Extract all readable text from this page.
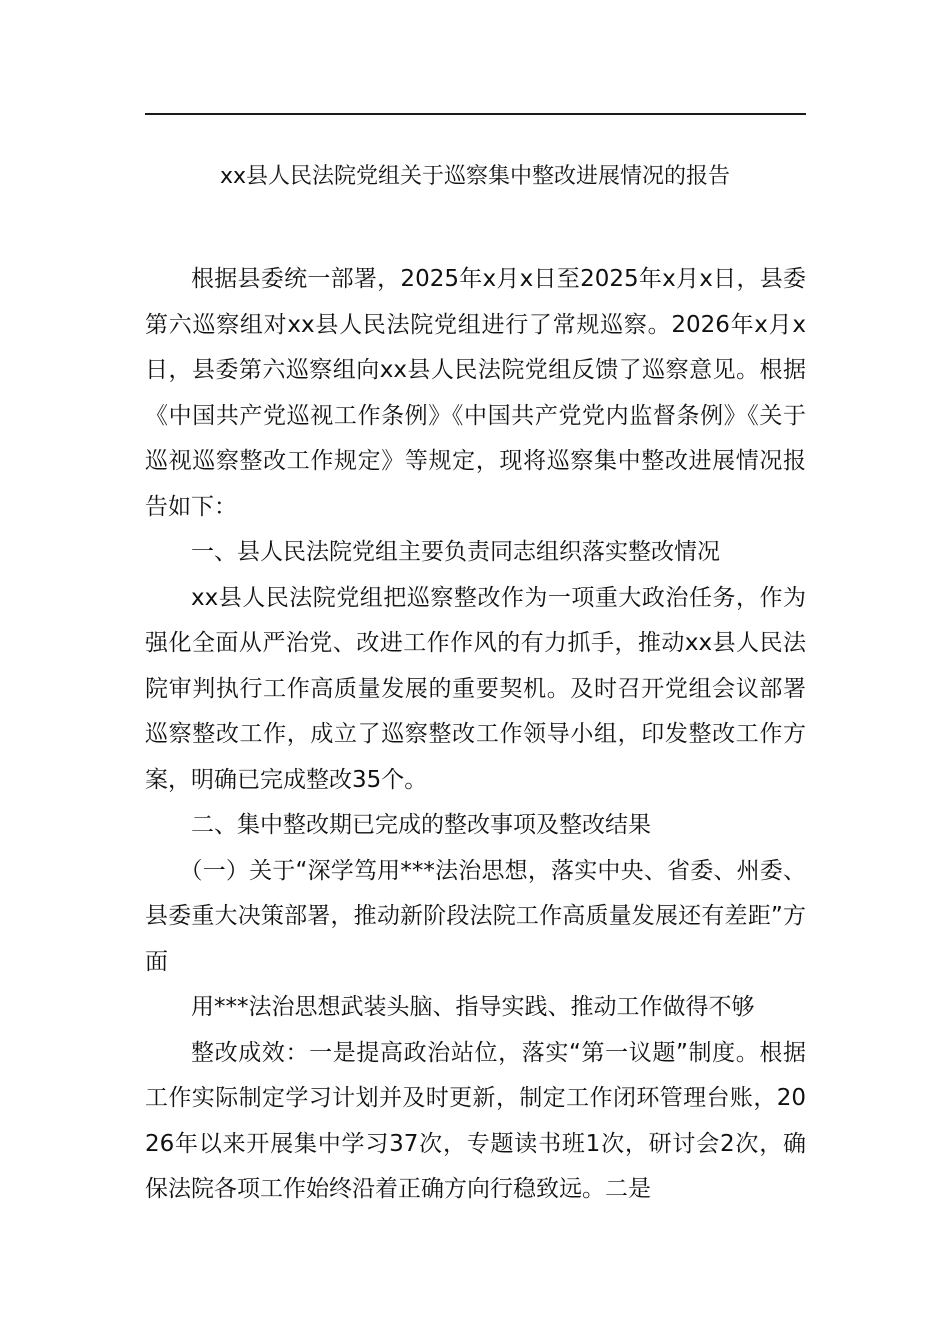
xx县人民法院党组关于巡察集中整改进展情况的报告

根据县委统一部署，2025年x月x日至2025年x月x日，县委第六巡察组对xx县人民法院党组进行了常规巡察。2026年x月x日，县委第六巡察组向xx县人民法院党组反馈了巡察意见。根据《中国共产党巡视工作条例》《中国共产党党内监督条例》《关于巡视巡察整改工作规定》等规定，现将巡察集中整改进展情况报告如下：

一、县人民法院党组主要负责同志组织落实整改情况

xx县人民法院党组把巡察整改作为一项重大政治任务，作为强化全面从严治党、改进工作作风的有力抓手，推动xx县人民法院审判执行工作高质量发展的重要契机。及时召开党组会议部署巡察整改工作，成立了巡察整改工作领导小组，印发整改工作方案，明确已完成整改35个。

二、集中整改期已完成的整改事项及整改结果

（一）关于“深学笃用***法治思想，落实中央、省委、州委、县委重大决策部署，推动新阶段法院工作高质量发展还有差距”方面

用***法治思想武装头脑、指导实践、推动工作做得不够

整改成效：一是提高政治站位，落实“第一议题”制度。根据工作实际制定学习计划并及时更新，制定工作闭环管理台账，2026年以来开展集中学习37次，专题读书班1次，研讨会2次，确保法院各项工作始终沿着正确方向行稳致远。二是
